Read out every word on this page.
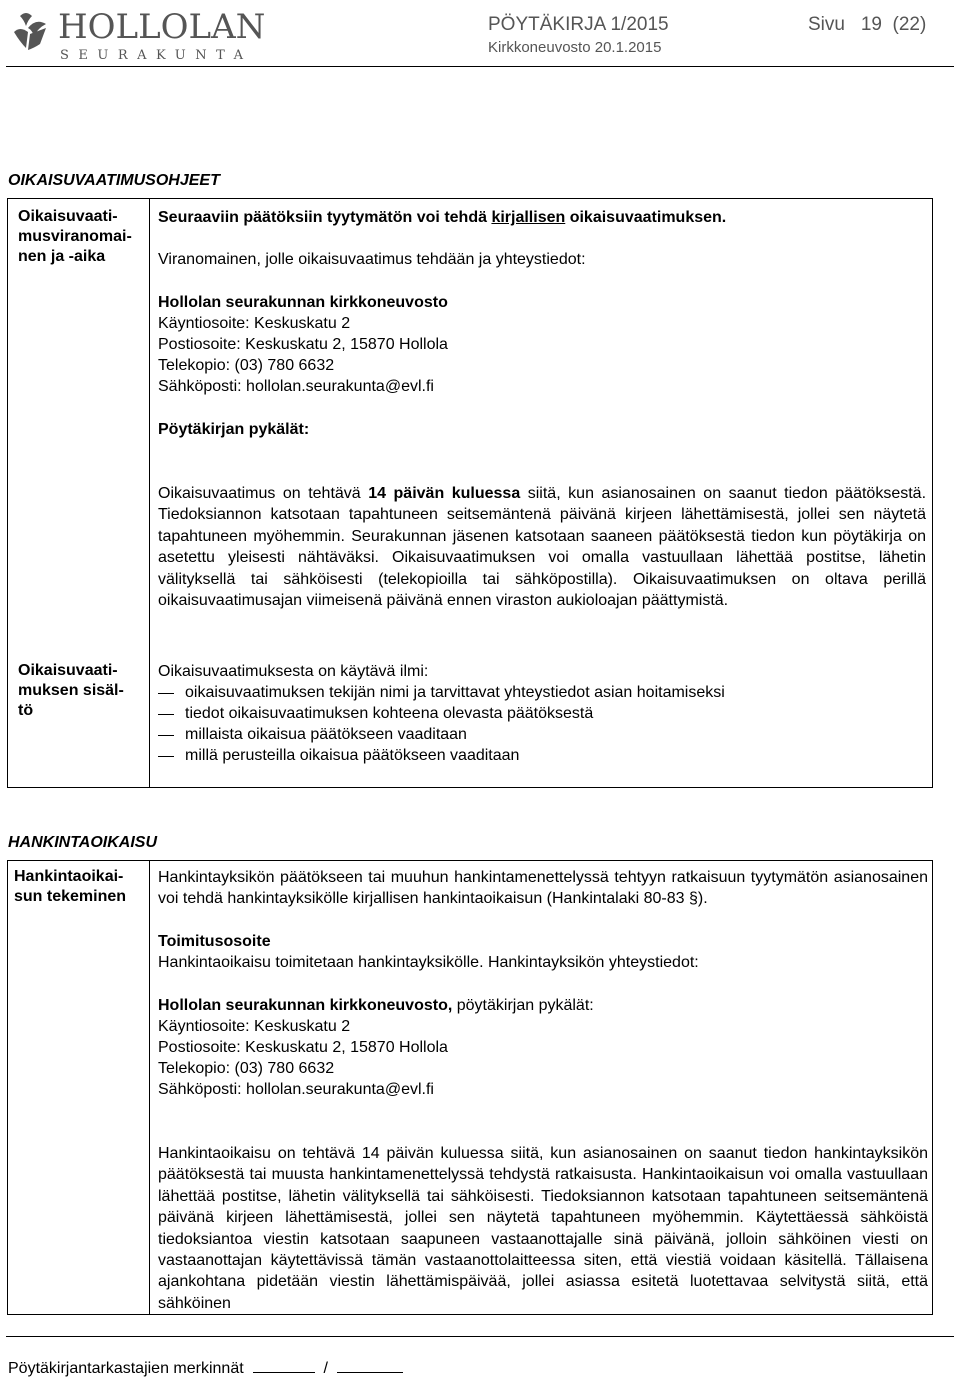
HOLLOLAN
SEURAKUNTA
PÖYTÄKIRJA 1/2015
Kirkkoneuvosto 20.1.2015
Sivu 19 (22)
OIKAISUVAATIMUSOHJEET
Oikaisuvaati-
musviranomai-
nen ja -aika
Seuraaviin päätöksiin tyytymätön voi tehdä kirjallisen oikaisuvaatimuksen.
Viranomainen, jolle oikaisuvaatimus tehdään ja yhteystiedot:
Hollolan seurakunnan kirkkoneuvosto
Käyntiosoite: Keskuskatu 2
Postiosoite: Keskuskatu 2, 15870 Hollola
Telekopio: (03) 780 6632
Sähköposti: hollolan.seurakunta@evl.fi
Pöytäkirjan pykälät:
Oikaisuvaatimus on tehtävä 14 päivän kuluessa siitä, kun asianosainen on saanut tiedon päätöksestä. Tiedoksiannon katsotaan tapahtuneen seitsemäntenä päivänä kirjeen lähettämisestä, jollei sen näytetä tapahtuneen myöhemmin. Seurakunnan jäsenen katsotaan saaneen päätöksestä tiedon kun pöytäkirja on asetettu yleisesti nähtäväksi. Oikaisuvaatimuksen voi omalla vastuullaan lähettää postitse, lähetin välityksellä tai sähköisesti (telekopioilla tai sähköpostilla). Oikaisuvaatimuksen on oltava perillä oikaisuvaatimusajan viimeisenä päivänä ennen viraston aukioloajan päättymistä.
Oikaisuvaati-
muksen sisäl-
tö
Oikaisuvaatimuksesta on käytävä ilmi:
oikaisuvaatimuksen tekijän nimi ja tarvittavat yhteystiedot asian hoitamiseksi
tiedot oikaisuvaatimuksen kohteena olevasta päätöksestä
millaista oikaisua päätökseen vaaditaan
millä perusteilla oikaisua päätökseen vaaditaan
HANKINTAOIKAISU
Hankintaoikai-
sun tekeminen
Hankintayksikön päätökseen tai muuhun hankintamenettelyssä tehtyyn ratkaisuun tyytymätön asianosainen voi tehdä hankintayksikölle kirjallisen hankintaoikaisun (Hankintalaki 80-83 §).
Toimitusosoite
Hankintaoikaisu toimitetaan hankintayksikölle. Hankintayksikön yhteystiedot:
Hollolan seurakunnan kirkkoneuvosto, pöytäkirjan pykälät:
Käyntiosoite: Keskuskatu 2
Postiosoite: Keskuskatu 2, 15870 Hollola
Telekopio: (03) 780 6632
Sähköposti: hollolan.seurakunta@evl.fi
Hankintaoikaisu on tehtävä 14 päivän kuluessa siitä, kun asianosainen on saanut tiedon hankintayksikön päätöksestä tai muusta hankintamenettelyssä tehdystä ratkaisusta. Hankintaoikaisun voi omalla vastuullaan lähettää postitse, lähetin välityksellä tai sähköisesti. Tiedoksiannon katsotaan tapahtuneen seitsemäntenä päivänä kirjeen lähettämisestä, jollei sen näytetä tapahtuneen myöhemmin. Käytettäessä sähköistä tiedoksiantoa viestin katsotaan saapuneen vastaanottajalle sinä päivänä, jolloin sähköinen viesti on vastaanottajan käytettävissä tämän vastaanottolaitteessa siten, että viestiä voidaan käsitellä. Tällaisena ajankohtana pidetään viestin lähettämispäivää, jollei asiassa esitetä luotettavaa selvitystä siitä, että sähköinen
Pöytäkirjantarkastajien merkinnät	/
